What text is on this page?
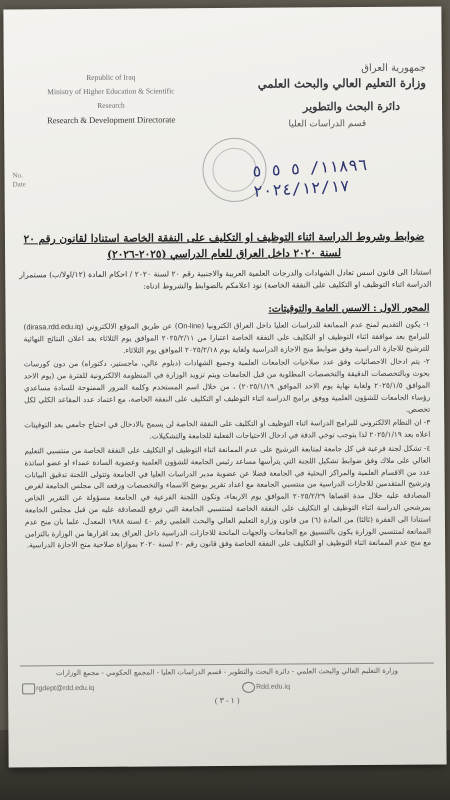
Republic of Iraq
Ministry of Higher Education & Scientific
Research
Research & Development Directorate
No.
Date
جمهورية العراق
وزارة التعليم العالي والبحث العلمي
دائرة البحث والتطوير
قسم الدراسات العليا
١١٨٩٦/ ٥ ٥ ٥
٢٠٢٤/١٢/١٧
ضوابط وشروط الدراسة اثناء التوظيف او التكليف على النفقة الخاصة استنادا لقانون رقم ٢٠
لسنة ٢٠٢٠ داخل العراق للعام الدراسي (٢٠٢٥-٢٠٢٦)
استنادا الى قانون اسس تعادل الشهادات والدرجات العلمية العربية والاجنبية رقم ٢٠ لسنة ٢٠٢٠ / احكام المادة (١٢/اولا/ب) مستمرار الدراسة اثناء التوظيف او التكليف على النفقة الخاصة) نود اعلامكم بالضوابط والشروط ادناه:
المحور الاول : الاسس العامة والتوقيتات:

١- يكون التقديم لمنح عدم الممانعة للدراسات العليا داخل العراق الكترونيا (On-line) عن طريق الموقع الالكتروني (dirasa.rdd.edu.iq) للبرامج بعد موافقة اثناء التوظيف او التكليف على النفقة الخاصة اعتبارا من ٢٠٢٥/٢/١١ الموافق يوم الثلاثاء بعد اعلان النتائج النهائية للترشيح للاجازة الدراسية وفق ضوابط منح الاجازة الدراسية ولغاية يوم ٢٠٢٥/٢/١٨ الموافق يوم الثلاثاء.

٢- يتم ادخال الاحصائيات وفق عدد صلاحيات الجامعات العلمية وجميع الشهادات (دبلوم عالي، ماجستير، دكتوراه) من دون كورسات بحوث وبالتخصصات الدقيقة والتخصصات المطلوبة من قبل الجامعات ويتم تزويد الوزارة في المنظومة الالكترونية للفترة من (يوم الاحد الموافق ٢٠٢٥/١/٥ ولغاية نهاية يوم الاحد الموافق ٢٠٢٥/١/١٩) ، من خلال اسم المستخدم وكلمة المرور الممنوحة للسادة مساعدي رؤساء الجامعات للشؤون العلمية ووفق برامج الدراسة اثناء التوظيف او التكليف على النفقة الخاصة، مع اعتماد عدد المقاعد الكلي لكل تخصص.

٣- ان النظام الالكتروني للبرامج الدراسة اثناء التوظيف او التكليف على النفقة الخاصة لن يسمح بالادخال في احتياج جامعي بعد التوقيتات اعلاه بعد ٢٠٢٥/١/١٩ لذا يتوجب توخي الدقة في ادخال الاحتياجات الفعلية للجامعة والتشكيلات.

٤- تشكل لجنة فرعية في كل جامعة لمتابعة الترشيح على عدم الممانعة اثناء التوظيف او التكليف على النفقة الخاصة من منتسبي التعليم العالي على ملاك وفق ضوابط تشكيل اللجنة التي يترأسها مساعد رئيس الجامعة للشؤون العلمية وعضوية السادة عمداء او عضو اساتذة عدد من الاقسام العلمية والمراكز البحثية في الجامعة فضلا عن عضوية مدير الدراسات العليا في الجامعة وتتولى اللجنة تدقيق البيانات وترشيح المتقدمين للاجازات الدراسية من منتسبي الجامعة مع اعداد تقرير يوضح الاسماء والتخصصات ورفعه الى مجلس الجامعة لغرض المصادقة عليه خلال مدة اقصاها ٢٠٢٥/٢/٢٩ الموافق يوم الاربعاء، وتكون اللجنة الفرعية في الجامعة مسؤولة عن التقرير الخاص بمرشحي الدراسة اثناء التوظيف او التكليف على النفقة الخاصة لمنتسبي الجامعة التي ترفع للمصادقة عليه من قبل مجلس الجامعة استنادا الى الفقرة (ثالثا) من المادة (٦) من قانون وزارة التعليم العالي والبحث العلمي رقم ٤٠ لسنة ١٩٨٨ المعدل، علما بان منح عدم الممانعة لمنتسبي الوزارة يكون بالتنسيق مع الجامعات والجهات المانحة للاجازات الدراسية داخل العراق بعد اقرارها من الوزارة بالتزامن مع منح عدم الممانعة اثناء التوظيف او التكليف على النفقة الخاصة وفق قانون رقم ٢٠ لسنة ٢٠٢٠ بموازاة صلاحية منح الاجازة الدراسية.

وزارة التعليم العالي والبحث العلمي - دائرة البحث والتطوير - قسم الدراسات العليا - المجمع الحكومي - مجمع الوزارات
rgdept@rdd.edu.iq	Rdd.edu.iq
( ١ - ٣ )
